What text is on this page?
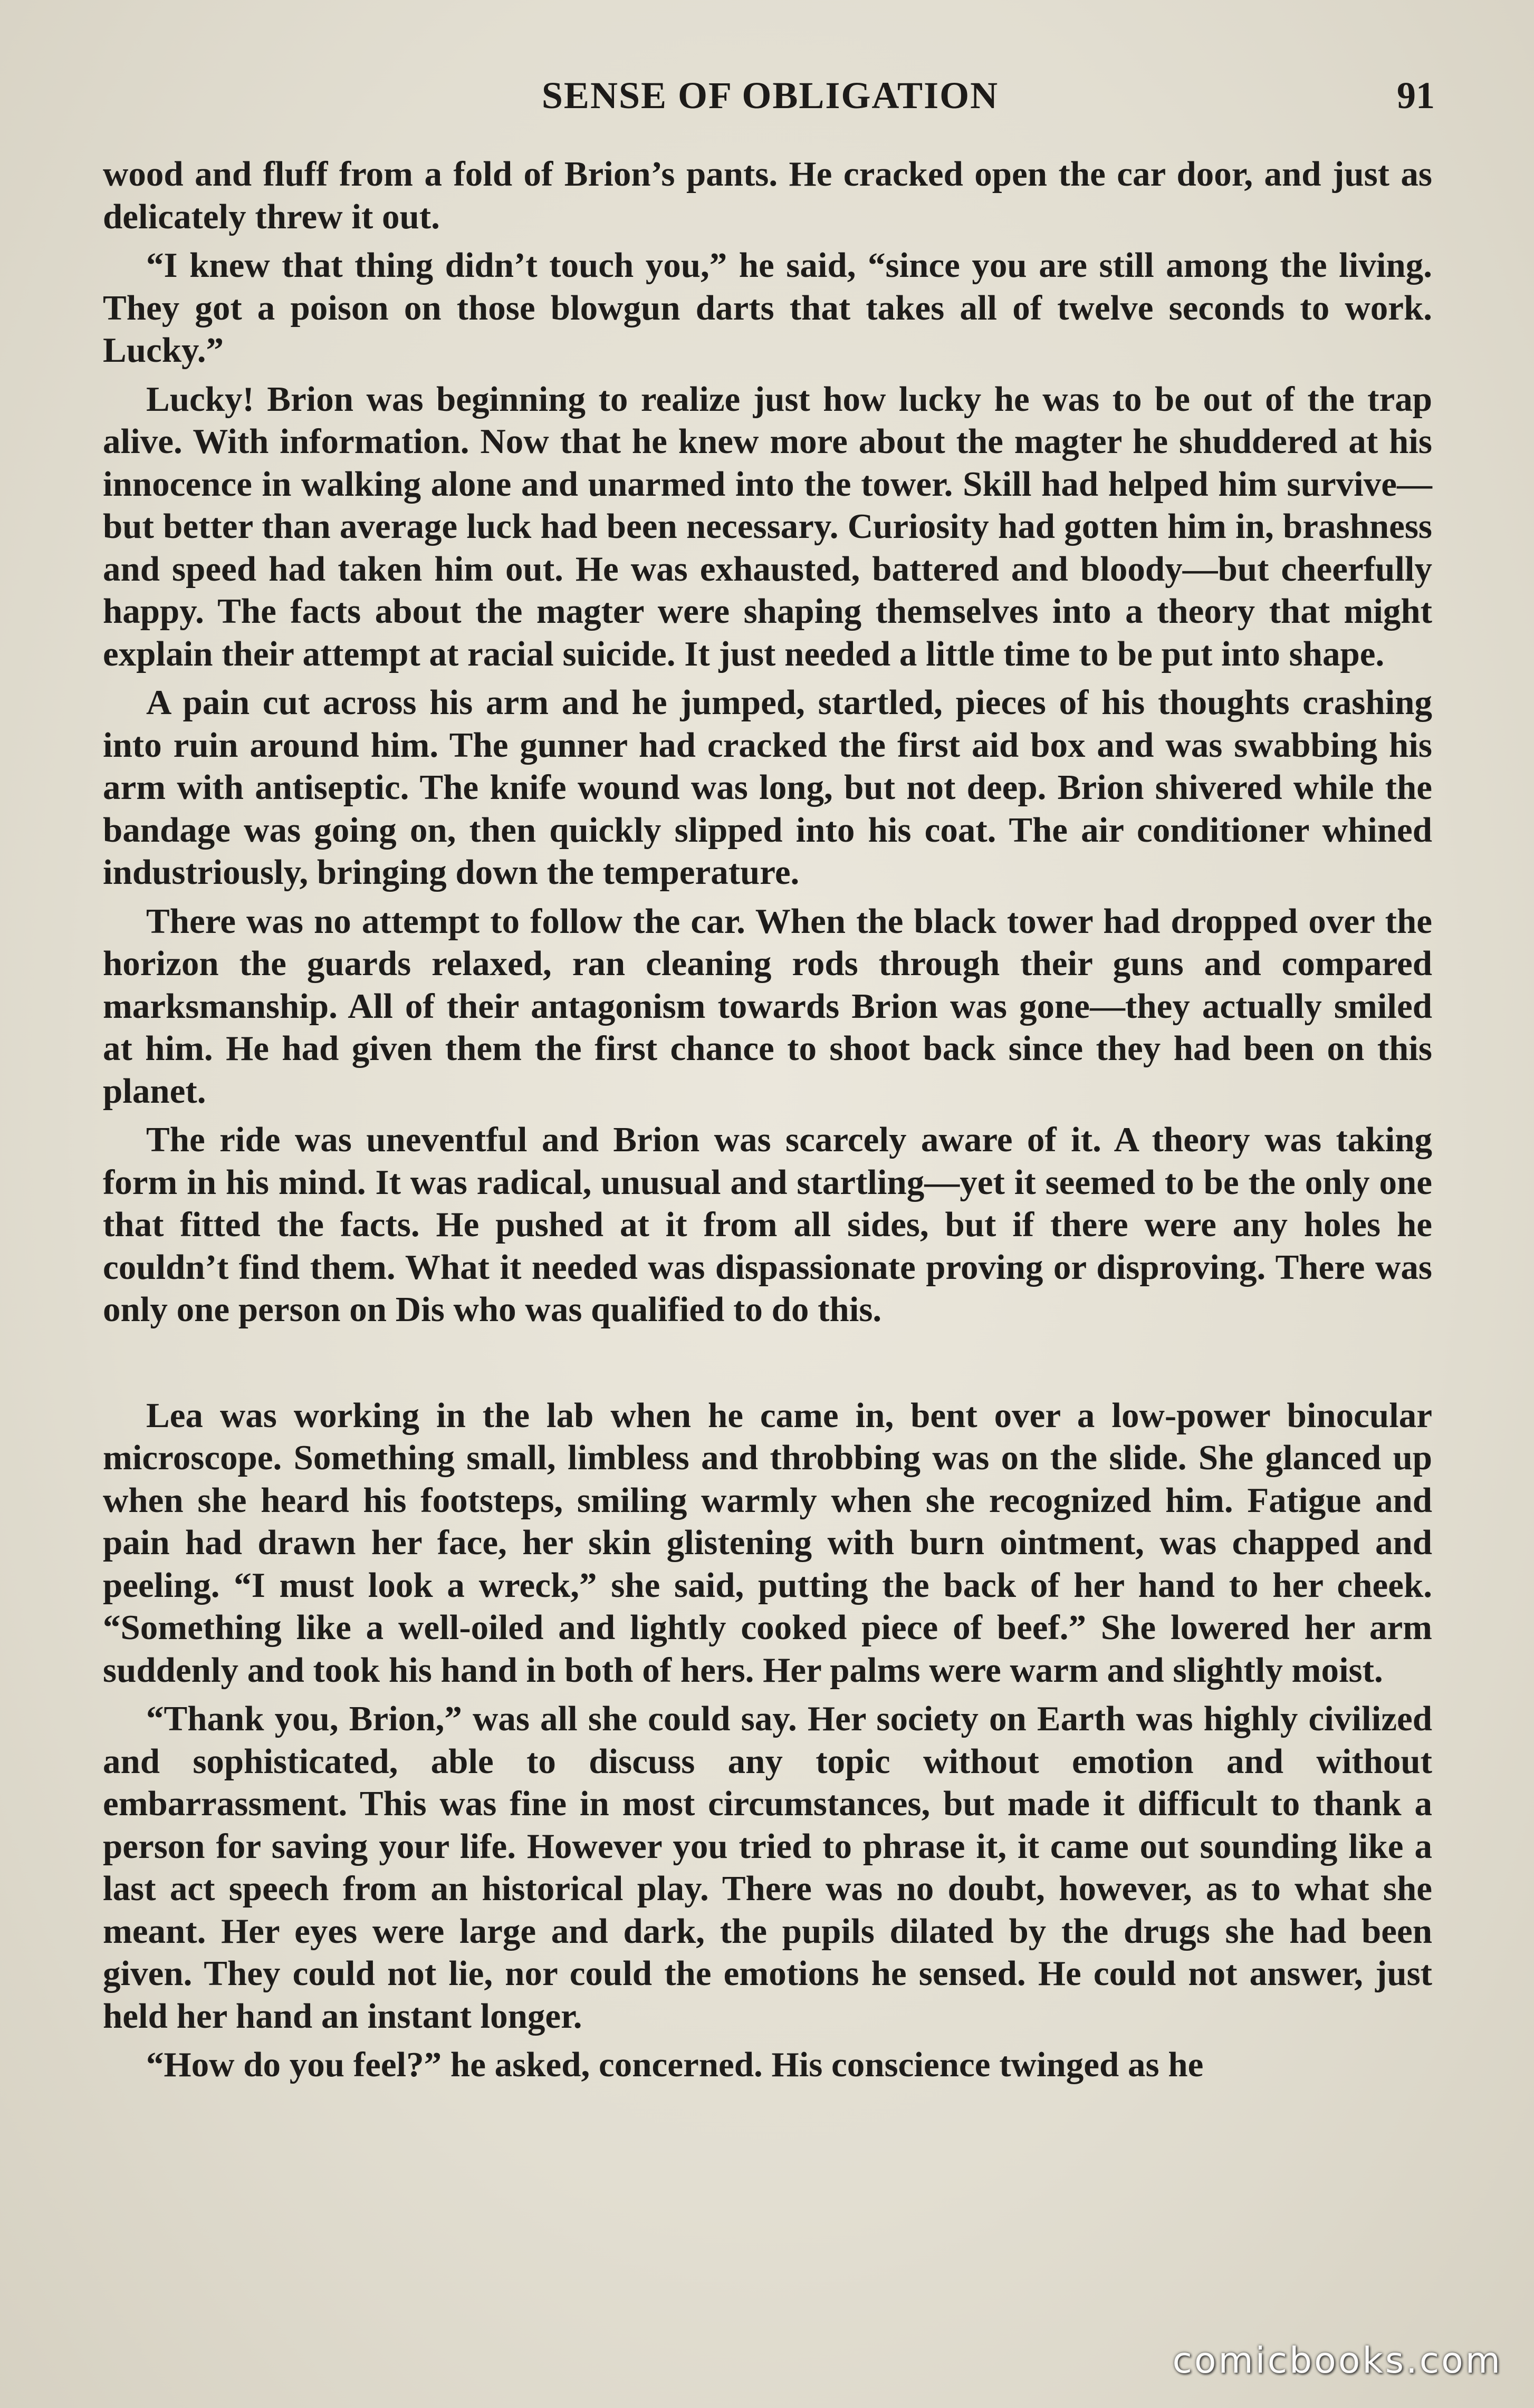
SENSE OF OBLIGATION	91

wood and fluff from a fold of Brion’s pants. He cracked open the car door, and just as delicately threw it out.

“I knew that thing didn’t touch you,” he said, “since you are still among the living. They got a poison on those blowgun darts that takes all of twelve seconds to work. Lucky.”

Lucky! Brion was beginning to realize just how lucky he was to be out of the trap alive. With information. Now that he knew more about the magter he shuddered at his innocence in walking alone and unarmed into the tower. Skill had helped him survive—but better than average luck had been necessary. Curiosity had gotten him in, brashness and speed had taken him out. He was exhausted, battered and bloody—but cheerfully happy. The facts about the magter were shaping themselves into a theory that might explain their attempt at racial suicide. It just needed a little time to be put into shape.

A pain cut across his arm and he jumped, startled, pieces of his thoughts crashing into ruin around him. The gunner had cracked the first aid box and was swabbing his arm with antiseptic. The knife wound was long, but not deep. Brion shivered while the bandage was going on, then quickly slipped into his coat. The air conditioner whined industriously, bringing down the temperature.

There was no attempt to follow the car. When the black tower had dropped over the horizon the guards relaxed, ran cleaning rods through their guns and compared marksmanship. All of their antagonism towards Brion was gone—they actually smiled at him. He had given them the first chance to shoot back since they had been on this planet.

The ride was uneventful and Brion was scarcely aware of it. A theory was taking form in his mind. It was radical, unusual and startling—yet it seemed to be the only one that fitted the facts. He pushed at it from all sides, but if there were any holes he couldn’t find them. What it needed was dispassionate proving or disproving. There was only one person on Dis who was qualified to do this.

Lea was working in the lab when he came in, bent over a low-power binocular microscope. Something small, limbless and throbbing was on the slide. She glanced up when she heard his footsteps, smiling warmly when she recognized him. Fatigue and pain had drawn her face, her skin glistening with burn ointment, was chapped and peeling. “I must look a wreck,” she said, putting the back of her hand to her cheek. “Something like a well-oiled and lightly cooked piece of beef.” She lowered her arm suddenly and took his hand in both of hers. Her palms were warm and slightly moist.

“Thank you, Brion,” was all she could say. Her society on Earth was highly civilized and sophisticated, able to discuss any topic without emotion and without embarrassment. This was fine in most circumstances, but made it difficult to thank a person for saving your life. However you tried to phrase it, it came out sounding like a last act speech from an historical play. There was no doubt, however, as to what she meant. Her eyes were large and dark, the pupils dilated by the drugs she had been given. They could not lie, nor could the emotions he sensed. He could not answer, just held her hand an instant longer.

“How do you feel?” he asked, concerned. His conscience twinged as he

comicbooks.com
